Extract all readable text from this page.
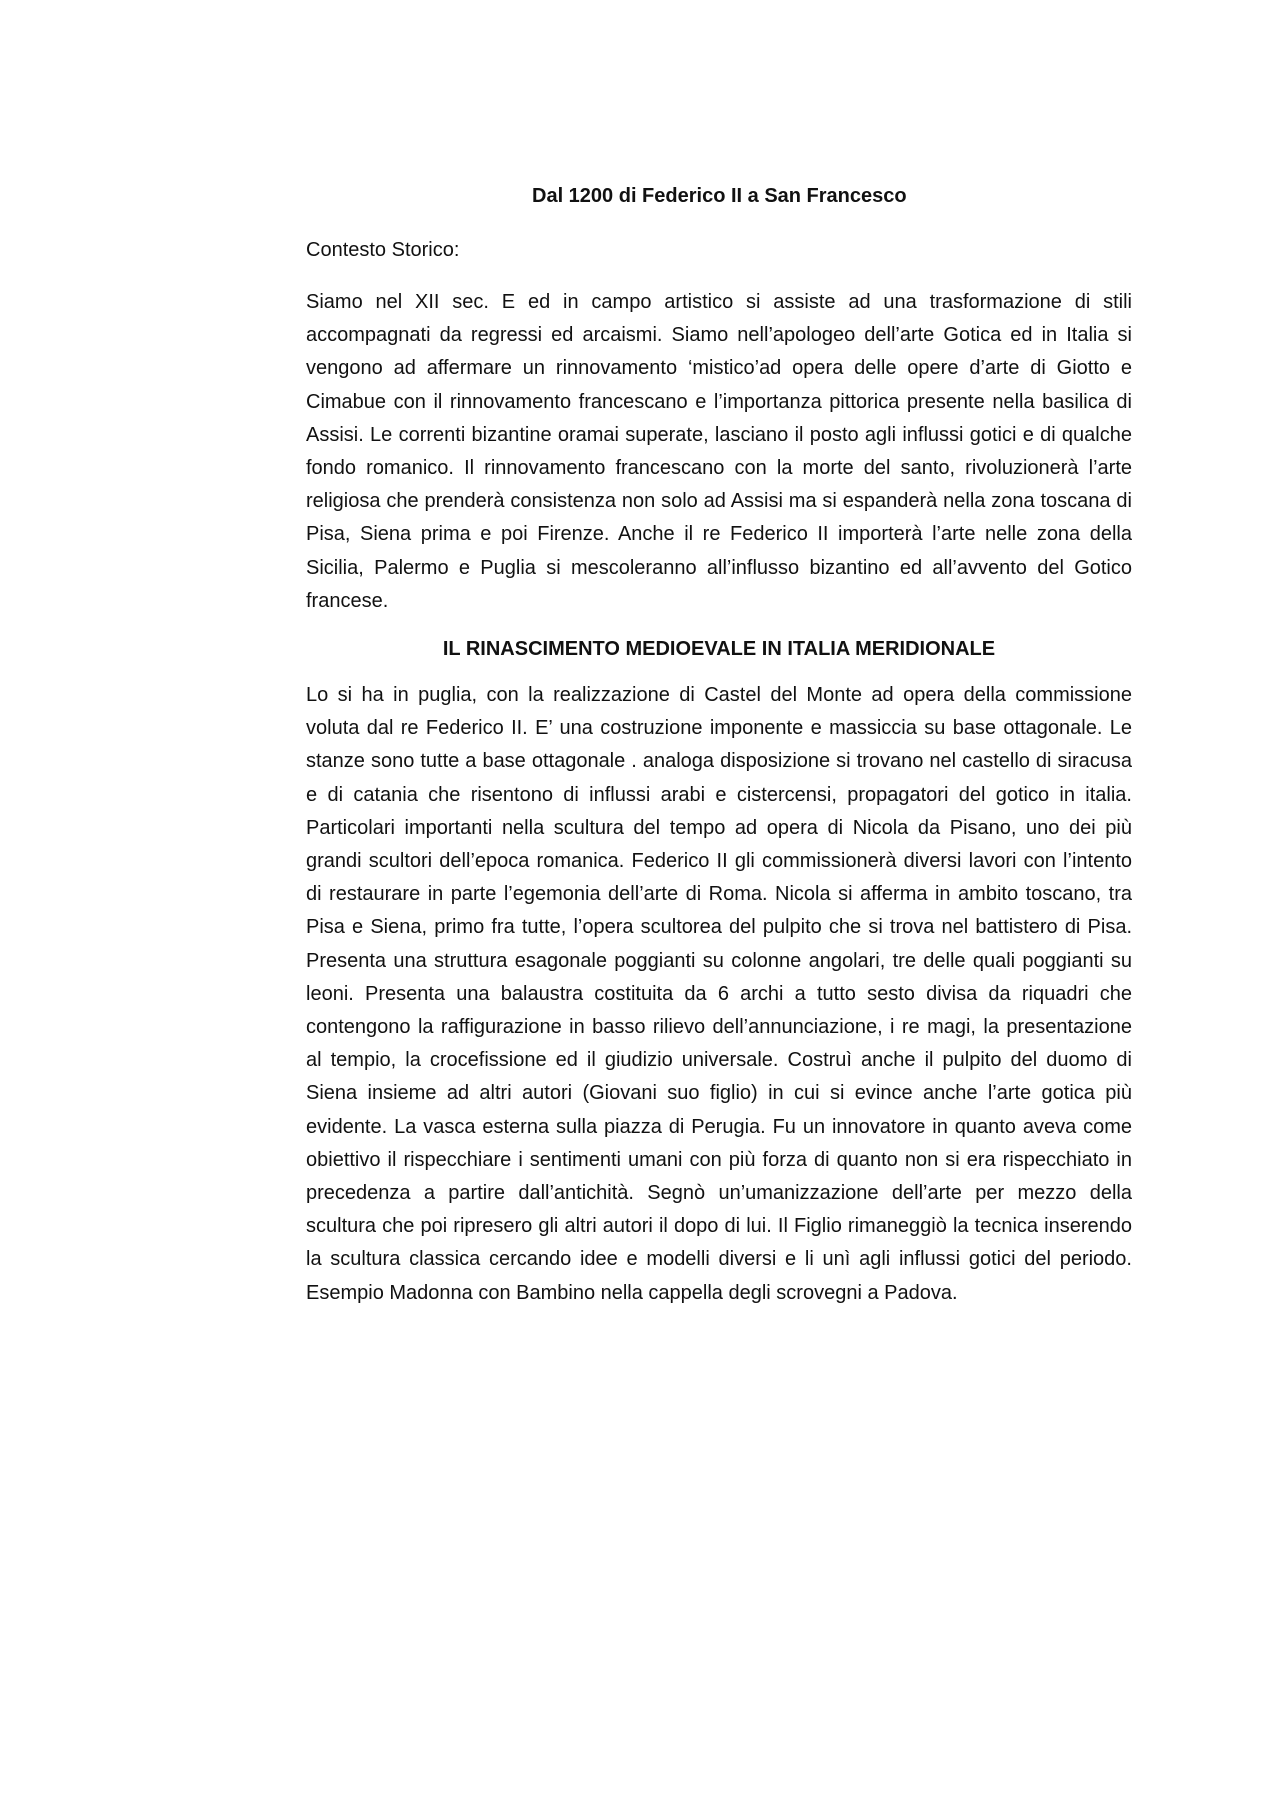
Dal 1200 di Federico II a San Francesco
Contesto Storico:

Siamo nel XII sec. E ed in campo artistico si assiste ad una trasformazione di stili accompagnati da regressi ed arcaismi. Siamo nell’apologeo dell’arte Gotica ed in Italia si vengono ad affermare un rinnovamento ‘mistico’ad opera delle opere d’arte di Giotto e Cimabue con il rinnovamento francescano e l’importanza pittorica presente nella basilica di Assisi. Le correnti bizantine oramai superate, lasciano il posto agli influssi gotici e di qualche fondo romanico. Il rinnovamento francescano con la morte del santo, rivoluzionerà l’arte religiosa che prenderà consistenza non solo ad Assisi ma si espanderà nella zona toscana di Pisa, Siena prima e poi Firenze. Anche il re Federico II importerà l’arte nelle zona della Sicilia, Palermo e Puglia si mescoleranno all’influsso bizantino ed all’avvento del Gotico francese.

IL RINASCIMENTO MEDIOEVALE IN ITALIA MERIDIONALE

Lo si ha in puglia, con la realizzazione di Castel del Monte ad opera della commissione voluta dal re Federico II. E’ una costruzione imponente e massiccia su base ottagonale. Le stanze sono tutte a base ottagonale . analoga disposizione si trovano nel castello di siracusa e di catania che risentono di influssi arabi e cistercensi, propagatori del gotico in italia. Particolari importanti nella scultura del tempo ad opera di Nicola da Pisano, uno dei più grandi scultori dell’epoca romanica. Federico II gli commissionerà diversi lavori con l’intento di restaurare in parte l’egemonia dell’arte di Roma. Nicola si afferma in ambito toscano, tra Pisa e Siena, primo fra tutte, l’opera scultorea del pulpito che si trova nel battistero di Pisa. Presenta una struttura esagonale poggianti su colonne angolari, tre delle quali poggianti su leoni. Presenta una balaustra costituita da 6 archi a tutto sesto divisa da riquadri che contengono la raffigurazione in basso rilievo dell’annunciazione, i re magi, la presentazione al tempio, la crocefissione ed il giudizio universale. Costruì anche il pulpito del duomo di Siena insieme ad altri autori (Giovani suo figlio) in cui si evince anche l’arte gotica più evidente. La vasca esterna sulla piazza di Perugia. Fu un innovatore in quanto aveva come obiettivo il rispecchiare i sentimenti umani con più forza di quanto non si era rispecchiato in precedenza a partire dall’antichità. Segnò un’umanizzazione dell’arte per mezzo della scultura che poi ripresero gli altri autori il dopo di lui. Il Figlio rimaneggiò la tecnica inserendo la scultura classica cercando idee e modelli diversi e li unì agli influssi gotici del periodo. Esempio Madonna con Bambino nella cappella degli scrovegni a Padova.
